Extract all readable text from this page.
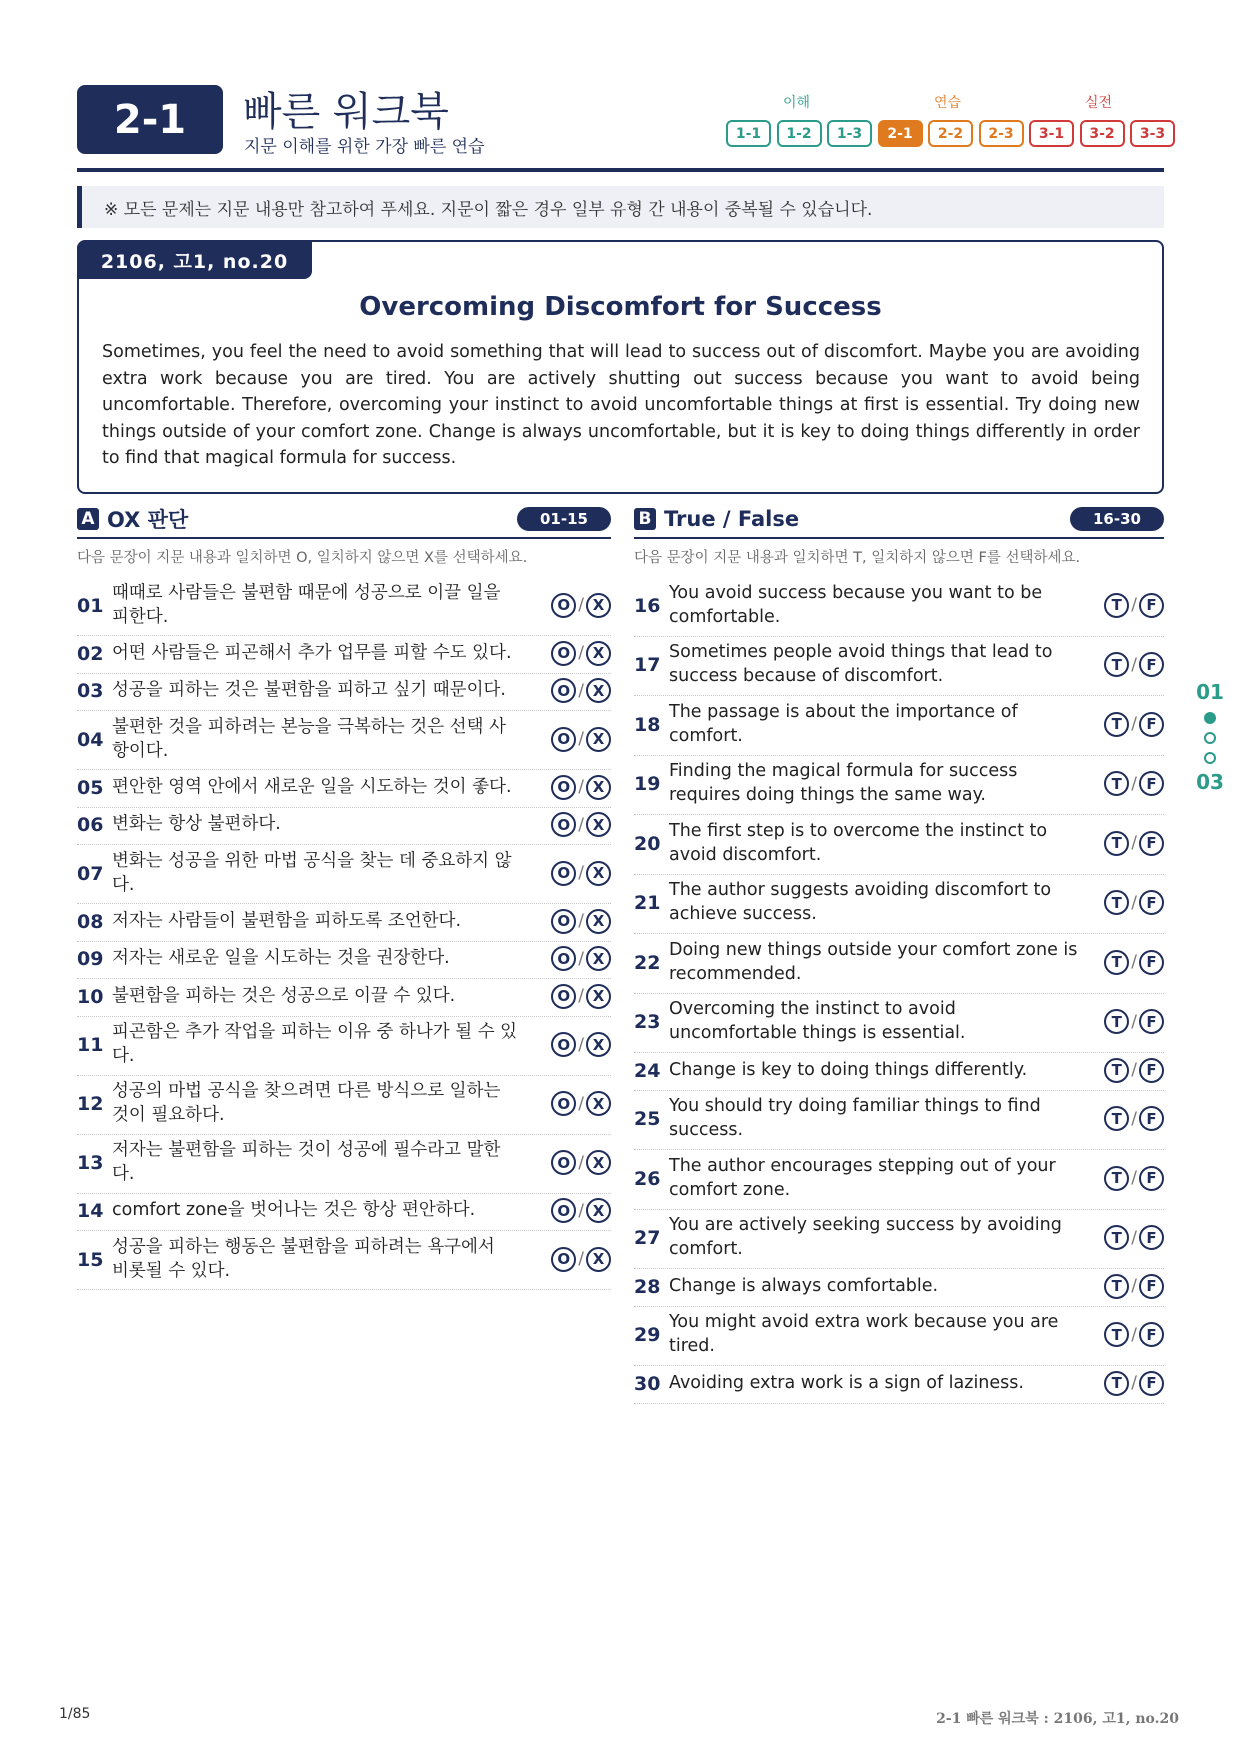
2-1 빠른 워크북
지문 이해를 위한 가장 빠른 연습
이해	연습	실전
1-1	1-2	1-3	2-1	2-2	2-3	3-1	3-2	3-3
※ 모든 문제는 지문 내용만 참고하여 푸세요. 지문이 짧은 경우 일부 유형 간 내용이 중복될 수 있습니다.
2106, 고1, no.20
Overcoming Discomfort for Success
Sometimes, you feel the need to avoid something that will lead to success out of discomfort. Maybe you are avoiding extra work because you are tired. You are actively shutting out success because you want to avoid being uncomfortable. Therefore, overcoming your instinct to avoid uncomfortable things at first is essential. Try doing new things outside of your comfort zone. Change is always uncomfortable, but it is key to doing things differently in order to find that magical formula for success.
A OX 판단	01-15
다음 문장이 지문 내용과 일치하면 O, 일치하지 않으면 X를 선택하세요.
B True / False	16-30
다음 문장이 지문 내용과 일치하면 T, 일치하지 않으면 F를 선택하세요.
01
때때로 사람들은 불편함 때문에 성공으로 이끌 일을
피한다.
O / X
02 어떤 사람들은 피곤해서 추가 업무를 피할 수도 있다.	O / X
03 성공을 피하는 것은 불편함을 피하고 싶기 때문이다.	O / X
04
불편한 것을 피하려는 본능을 극복하는 것은 선택 사
항이다.
O / X
05 편안한 영역 안에서 새로운 일을 시도하는 것이 좋다.	O / X
06 변화는 항상 불편하다.	O / X
07
변화는 성공을 위한 마법 공식을 찾는 데 중요하지 않
다.
O / X
08 저자는 사람들이 불편함을 피하도록 조언한다.	O / X
09 저자는 새로운 일을 시도하는 것을 권장한다.	O / X
10 불편함을 피하는 것은 성공으로 이끌 수 있다.	O / X
11
피곤함은 추가 작업을 피하는 이유 중 하나가 될 수 있
다.
O / X
12
성공의 마법 공식을 찾으려면 다른 방식으로 일하는
것이 필요하다.
O / X
13
저자는 불편함을 피하는 것이 성공에 필수라고 말한
다.
O / X
14 comfort zone을 벗어나는 것은 항상 편안하다.	O / X
15
성공을 피하는 행동은 불편함을 피하려는 욕구에서
비롯될 수 있다.
O / X
16
You avoid success because you want to be
comfortable.
T / F
17
Sometimes people avoid things that lead to
success because of discomfort.
T / F
18
The passage is about the importance of
comfort.
T / F
19
Finding the magical formula for success
requires doing things the same way.
T / F
20
The first step is to overcome the instinct to
avoid discomfort.
T / F
21
The author suggests avoiding discomfort to
achieve success.
T / F
22
Doing new things outside your comfort zone is
recommended.
T / F
23
Overcoming the instinct to avoid
uncomfortable things is essential.
T / F
24 Change is key to doing things differently.	T / F
25
You should try doing familiar things to find
success.
T / F
26
The author encourages stepping out of your
comfort zone.
T / F
27
You are actively seeking success by avoiding
comfort.
T / F
28 Change is always comfortable.	T / F
29
You might avoid extra work because you are
tired.
T / F
30 Avoiding extra work is a sign of laziness.	T / F
01
03
1/85	2-1 빠른 워크북 : 2106, 고1, no.20
